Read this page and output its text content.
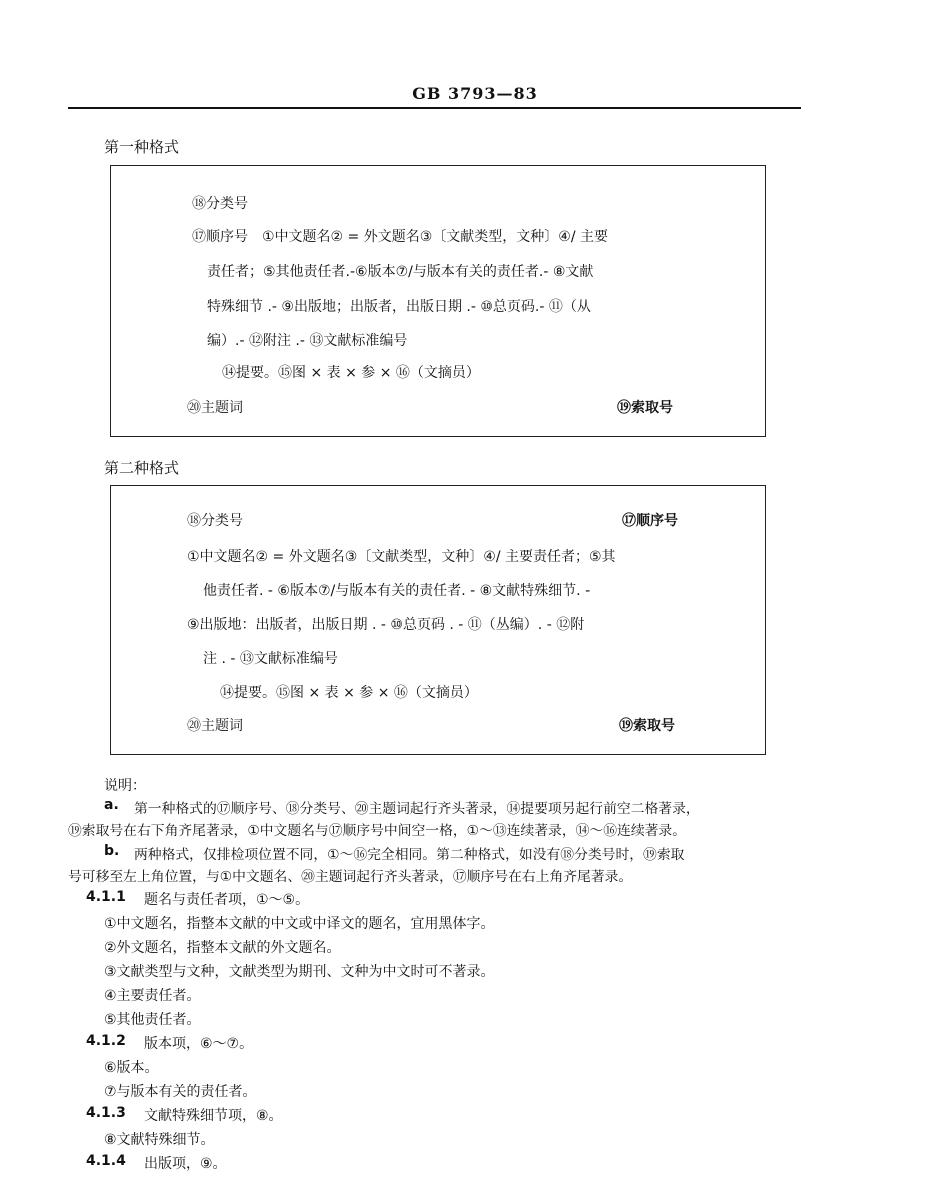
GB 3793—83
第一种格式
⑱分类号
⑰顺序号　①中文题名② = 外文题名③〔文献类型，文种〕④/ 主要
责任者；⑤其他责任者.-⑥版本⑦/与版本有关的责任者.- ⑧文献
特殊细节 .- ⑨出版地；出版者，出版日期 .- ⑩总页码.- ⑪（从
编）.- ⑫附注 .- ⑬文献标准编号
⑭提要。⑮图 × 表 × 参 × ⑯（文摘员）
⑳主题词	⑲索取号
第二种格式
⑱分类号	⑰顺序号
①中文题名② = 外文题名③〔文献类型，文种〕④/ 主要责任者；⑤其
他责任者. - ⑥版本⑦/与版本有关的责任者. - ⑧文献特殊细节. -
⑨出版地：出版者，出版日期 . - ⑩总页码 . - ⑪（丛编）. - ⑫附
注 . - ⑬文献标准编号
⑭提要。⑮图 × 表 × 参 × ⑯（文摘员）
⑳主题词	⑲索取号
说明：
a. 第一种格式的⑰顺序号、⑱分类号、⑳主题词起行齐头著录，⑭提要项另起行前空二格著录，
⑲索取号在右下角齐尾著录，①中文题名与⑰顺序号中间空一格，①～⑬连续著录，⑭～⑯连续著录。
b. 两种格式，仅排检项位置不同，①～⑯完全相同。第二种格式，如没有⑱分类号时，⑲索取
号可移至左上角位置，与①中文题名、⑳主题词起行齐头著录，⑰顺序号在右上角齐尾著录。
4.1.1 题名与责任者项，①～⑤。
①中文题名，指整本文献的中文或中译文的题名，宜用黑体字。
②外文题名，指整本文献的外文题名。
③文献类型与文种，文献类型为期刊、文种为中文时可不著录。
④主要责任者。
⑤其他责任者。
4.1.2 版本项，⑥～⑦。
⑥版本。
⑦与版本有关的责任者。
4.1.3 文献特殊细节项，⑧。
⑧文献特殊细节。
4.1.4 出版项，⑨。
